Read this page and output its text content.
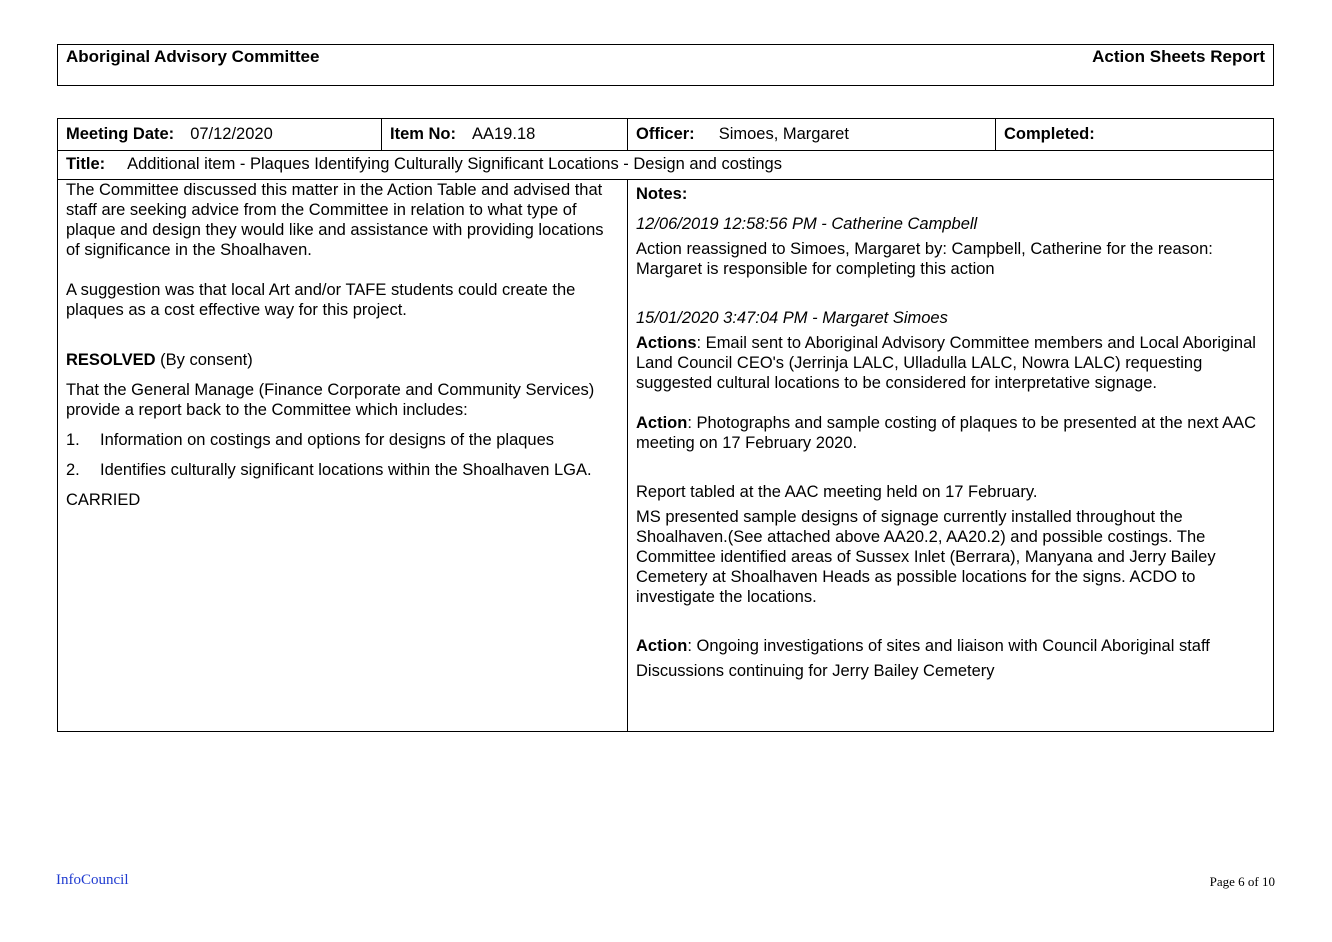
Aboriginal Advisory Committee	Action Sheets Report
Meeting Date: 07/12/2020	Item No: AA19.18	Officer: Simoes, Margaret	Completed:
Title: Additional item - Plaques Identifying Culturally Significant Locations - Design and costings

The Committee discussed this matter in the Action Table and advised that staff are seeking advice from the Committee in relation to what type of plaque and design they would like and assistance with providing locations of significance in the Shoalhaven.

A suggestion was that local Art and/or TAFE students could create the plaques as a cost effective way for this project.

RESOLVED (By consent)

That the General Manage (Finance Corporate and Community Services) provide a report back to the Committee which includes:

1.	Information on costings and options for designs of the plaques

2.	Identifies culturally significant locations within the Shoalhaven LGA.

CARRIED

Notes:

12/06/2019 12:58:56 PM - Catherine Campbell

Action reassigned to Simoes, Margaret by: Campbell, Catherine for the reason: Margaret is responsible for completing this action

15/01/2020 3:47:04 PM - Margaret Simoes

Actions: Email sent to Aboriginal Advisory Committee members and Local Aboriginal Land Council CEO's (Jerrinja LALC, Ulladulla LALC, Nowra LALC) requesting suggested cultural locations to be considered for interpretative signage.

Action: Photographs and sample costing of plaques to be presented at the next AAC meeting on 17 February 2020.

Report tabled at the AAC meeting held on 17 February.

MS presented sample designs of signage currently installed throughout the Shoalhaven.(See attached above AA20.2, AA20.2) and possible costings. The Committee identified areas of Sussex Inlet (Berrara), Manyana and Jerry Bailey Cemetery at Shoalhaven Heads as possible locations for the signs. ACDO to investigate the locations.

Action: Ongoing investigations of sites and liaison with Council Aboriginal staff

Discussions continuing for Jerry Bailey Cemetery

InfoCouncil	Page 6 of 10
